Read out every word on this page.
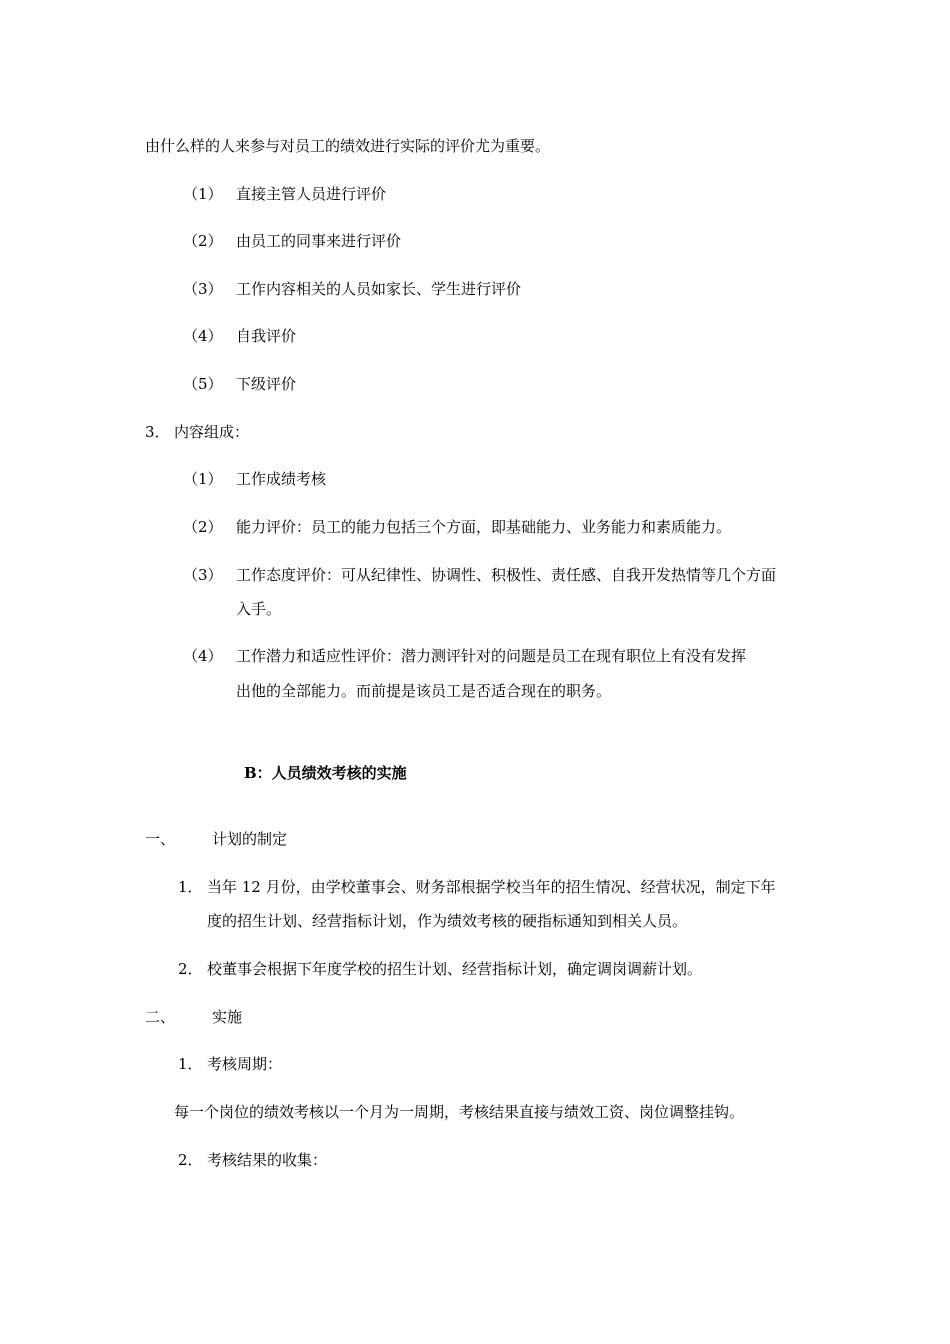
由什么样的人来参与对员工的绩效进行实际的评价尤为重要。
（1） 直接主管人员进行评价
（2） 由员工的同事来进行评价
（3） 工作内容相关的人员如家长、学生进行评价
（4） 自我评价
（5） 下级评价
3． 内容组成：
（1） 工作成绩考核
（2） 能力评价：员工的能力包括三个方面，即基础能力、业务能力和素质能力。
（3） 工作态度评价：可从纪律性、协调性、积极性、责任感、自我开发热情等几个方面
入手。
（4） 工作潜力和适应性评价：潜力测评针对的问题是员工在现有职位上有没有发挥
出他的全部能力。而前提是该员工是否适合现在的职务。
B：人员绩效考核的实施
一、 计划的制定
1． 当年 12 月份，由学校董事会、财务部根据学校当年的招生情况、经营状况，制定下年
度的招生计划、经营指标计划，作为绩效考核的硬指标通知到相关人员。
2． 校董事会根据下年度学校的招生计划、经营指标计划，确定调岗调薪计划。
二、 实施
1． 考核周期：
每一个岗位的绩效考核以一个月为一周期，考核结果直接与绩效工资、岗位调整挂钩。
2． 考核结果的收集：
